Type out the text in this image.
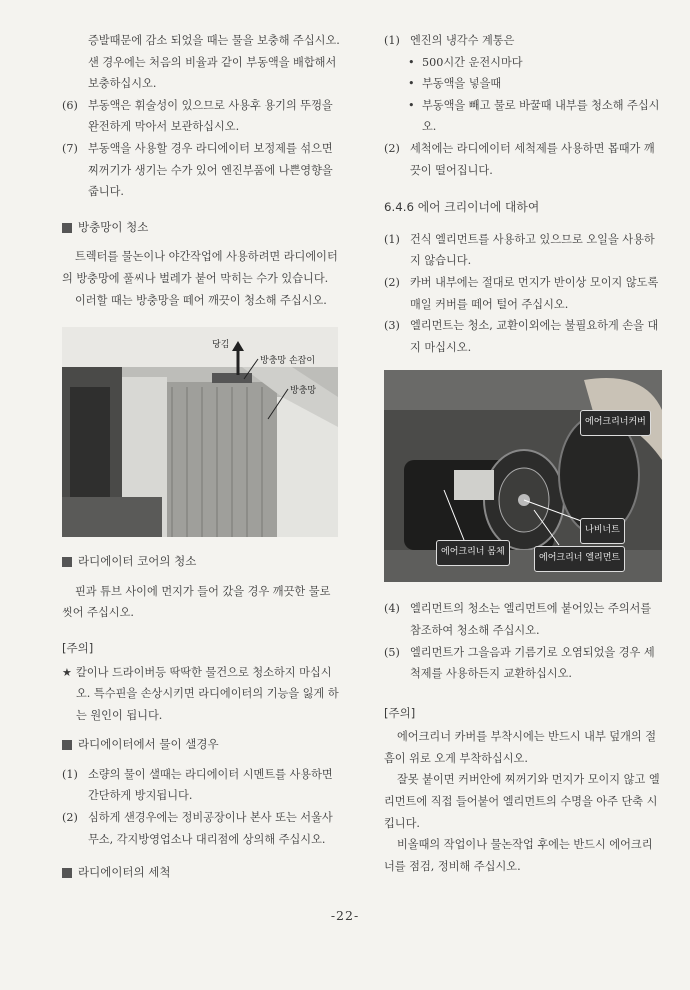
증발때문에 감소 되었을 때는 물을 보충해 주십시오.

샌 경우에는 처음의 비율과 같이 부동액을 배합해서 보충하십시오.

(6) 부동액은 휘술성이 있으므로 사용후 용기의 뚜껑을 완전하게 막아서 보관하십시오.
(7) 부동액을 사용할 경우 라디에이터 보정제를 섞으면 찌꺼기가 생기는 수가 있어 엔진부품에 나쁜영향을 줍니다.
방충망이 청소

트렉터를 물논이나 야간작업에 사용하려면 라디에이터의 방충망에 풀씨나 벌레가 붙어 막히는 수가 있습니다.

이러할 때는 방충망을 떼어 깨끗이 청소해 주십시오.

당김
방충망 손잡이
방충망
라디에이터 코어의 청소

핀과 튜브 사이에 먼지가 들어 갔을 경우 깨끗한 물로 씻어 주십시오.

[주의]
★ 칼이나 드라이버등 딱딱한 물건으로 청소하지 마십시오. 특수핀을 손상시키면 라디에이터의 기능을 잃게 하는 원인이 됩니다.
라디에이터에서 물이 샐경우
(1) 소량의 물이 샐때는 라디에이터 시멘트를 사용하면 간단하게 방지됩니다.
(2) 심하게 샌경우에는 정비공장이나 본사 또는 서울사무소, 각지방영업소나 대리점에 상의해 주십시오.
라디에이터의 세척
(1) 엔진의 냉각수 계통은
• 500시간 운전시마다
• 부동액을 넣을때
• 부동액을 빼고 물로 바꿀때 내부를 청소해 주십시오.
(2) 세척에는 라디에이터 세척제를 사용하면 몹때가 깨끗이 떨어집니다.
6.4.6 에어 크리이너에 대하여
(1) 건식 엘리먼트를 사용하고 있으므로 오일을 사용하지 않습니다.
(2) 카버 내부에는 절대로 먼지가 반이상 모이지 않도록 매일 커버를 떼어 털어 주십시오.
(3) 엘리먼트는 청소, 교환이외에는 불필요하게 손을 대지 마십시오.
에어크리너커버
나비너트
에어크리너 몸체
에어크리너 엘리먼트
(4) 엘리먼트의 청소는 엘리먼트에 붙어있는 주의서를 참조하여 청소해 주십시오.
(5) 엘리먼트가 그을음과 기름기로 오염되었을 경우 세척제를 사용하든지 교환하십시오.
[주의]

에어크리너 카버를 부착시에는 반드시 내부 덮개의 절흠이 위로 오게 부착하십시오.

잘못 붙이면 커버안에 찌꺼기와 먼지가 모이지 않고 엘리먼트에 직접 들어붙어 엘리먼트의 수명을 아주 단축 시킵니다.

비올때의 작업이나 물논작업 후에는 반드시 에어크리너를 점검, 정비해 주십시오.

-22-
